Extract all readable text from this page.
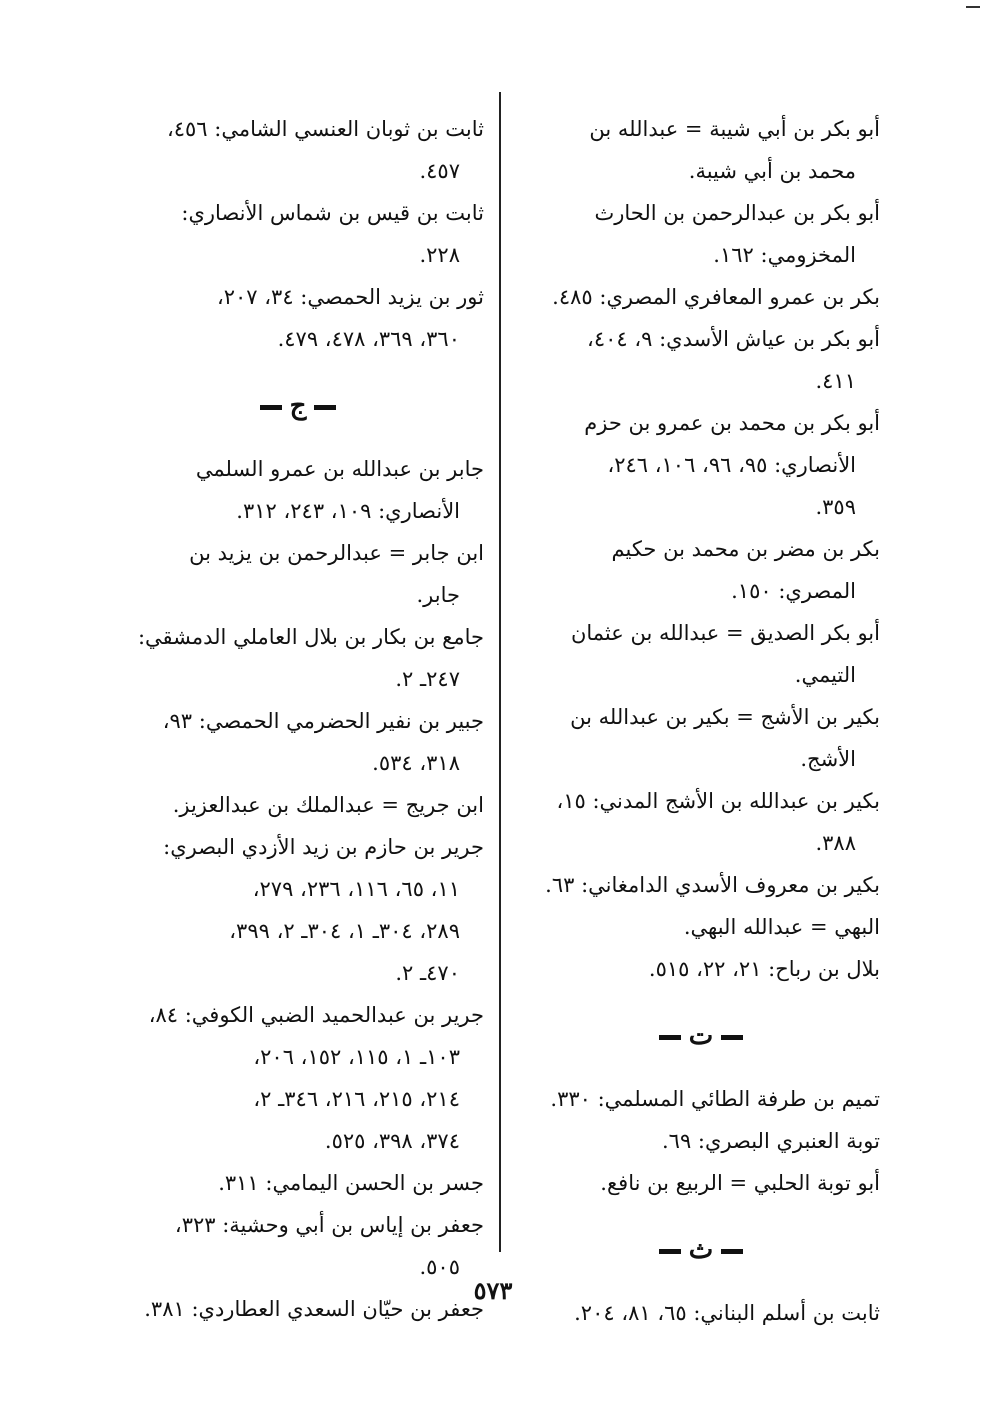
أبو بكر بن أبي شيبة = عبدالله بن
محمد بن أبي شيبة.
أبو بكر بن عبدالرحمن بن الحارث
المخزومي: ١٦٢.
بكر بن عمرو المعافري المصري: ٤٨٥.
أبو بكر بن عياش الأسدي: ٩، ٤٠٤،
٤١١.
أبو بكر بن محمد بن عمرو بن حزم
الأنصاري: ٩٥، ٩٦، ١٠٦، ٢٤٦،
٣٥٩.
بكر بن مضر بن محمد بن حكيم
المصري: ١٥٠.
أبو بكر الصديق = عبدالله بن عثمان
التيمي.
بكير بن الأشج = بكير بن عبدالله بن
الأشج.
بكير بن عبدالله بن الأشج المدني: ١٥،
٣٨٨.
بكير بن معروف الأسدي الدامغاني: ٦٣.
البهي = عبدالله البهي.
بلال بن رباح: ٢١، ٢٢، ٥١٥.
ت
تميم بن طرفة الطائي المسلمي: ٣٣٠.
توبة العنبري البصري: ٦٩.
أبو توبة الحلبي = الربيع بن نافع.
ث
ثابت بن أسلم البناني: ٦٥، ٨١، ٢٠٤.
ثابت بن ثوبان العنسي الشامي: ٤٥٦،
٤٥٧.
ثابت بن قيس بن شماس الأنصاري:
٢٢٨.
ثور بن يزيد الحمصي: ٣٤، ٢٠٧،
٣٦٠، ٣٦٩، ٤٧٨، ٤٧٩.
ج
جابر بن عبدالله بن عمرو السلمي
الأنصاري: ١٠٩، ٢٤٣، ٣١٢.
ابن جابر = عبدالرحمن بن يزيد بن
جابر.
جامع بن بكار بن بلال العاملي الدمشقي:
٢٤٧ـ ٢.
جبير بن نفير الحضرمي الحمصي: ٩٣،
٣١٨، ٥٣٤.
ابن جريج = عبدالملك بن عبدالعزيز.
جرير بن حازم بن زيد الأزدي البصري:
١١، ٦٥، ١١٦، ٢٣٦، ٢٧٩،
٢٨٩، ٣٠٤ـ ١، ٣٠٤ـ ٢، ٣٩٩،
٤٧٠ـ ٢.
جرير بن عبدالحميد الضبي الكوفي: ٨٤،
١٠٣ـ ١، ١١٥، ١٥٢، ٢٠٦،
٢١٤، ٢١٥، ٢١٦، ٣٤٦ـ ٢،
٣٧٤، ٣٩٨، ٥٢٥.
جسر بن الحسن اليمامي: ٣١١.
جعفر بن إياس بن أبي وحشية: ٣٢٣،
٥٠٥.
جعفر بن حيّان السعدي العطاردي: ٣٨١.
٥٧٣
